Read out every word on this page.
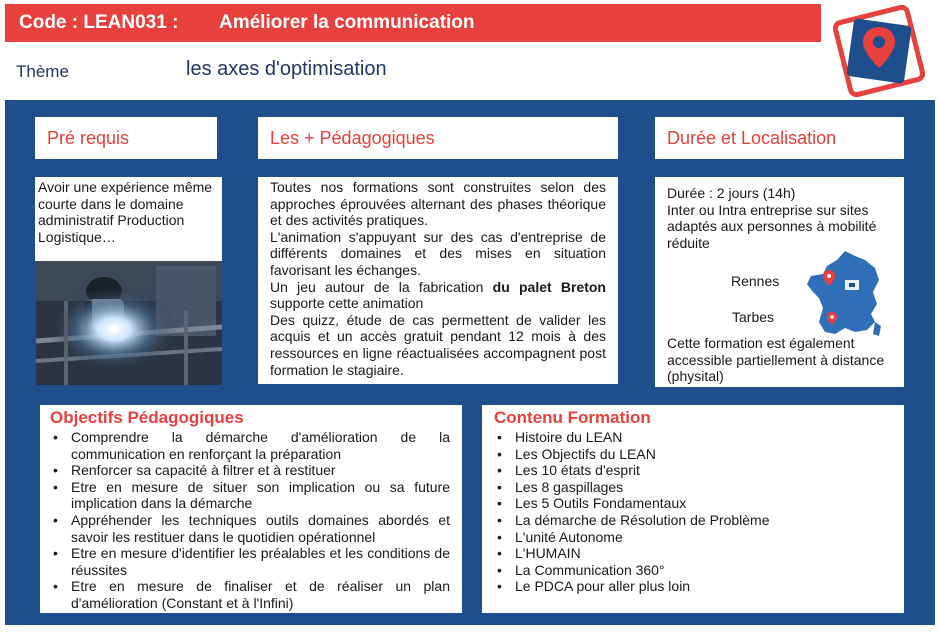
Code : LEAN031 :	Améliorer la communication
Thème	les axes d'optimisation
Pré requis
Avoir une expérience même courte dans le domaine administratif Production Logistique…
Les + Pédagogiques
Toutes nos formations sont construites selon des approches éprouvées alternant des phases théorique et des activités pratiques.
L'animation s'appuyant sur des cas d'entreprise de différents domaines et des mises en situation favorisant les échanges.
Un jeu autour de la fabrication du palet Breton supporte cette animation
Des quizz, étude de cas permettent de valider les acquis et un accès gratuit pendant 12 mois à des ressources en ligne réactualisées accompagnent post formation le stagiaire.
Durée et Localisation
Durée : 2 jours (14h)
Inter ou Intra entreprise sur sites adaptés aux personnes à mobilité réduite
Rennes
Tarbes
Cette formation est également accessible partiellement à distance (physital)
Objectifs Pédagogiques
• Comprendre la démarche d'amélioration de la communication en renforçant la préparation
• Renforcer sa capacité à filtrer et à restituer
• Etre en mesure de situer son implication ou sa future implication dans la démarche
• Appréhender les techniques outils domaines abordés et savoir les restituer dans le quotidien opérationnel
• Etre en mesure d'identifier les préalables et les conditions de réussites
• Etre en mesure de finaliser et de réaliser un plan d'amélioration (Constant et à l'Infini)
Contenu Formation
• Histoire du LEAN
• Les Objectifs du LEAN
• Les 10 états d'esprit
• Les 8 gaspillages
• Les 5 Outils Fondamentaux
• La démarche de Résolution de Problème
• L'unité Autonome
• L'HUMAIN
• La Communication 360°
• Le PDCA pour aller plus loin
